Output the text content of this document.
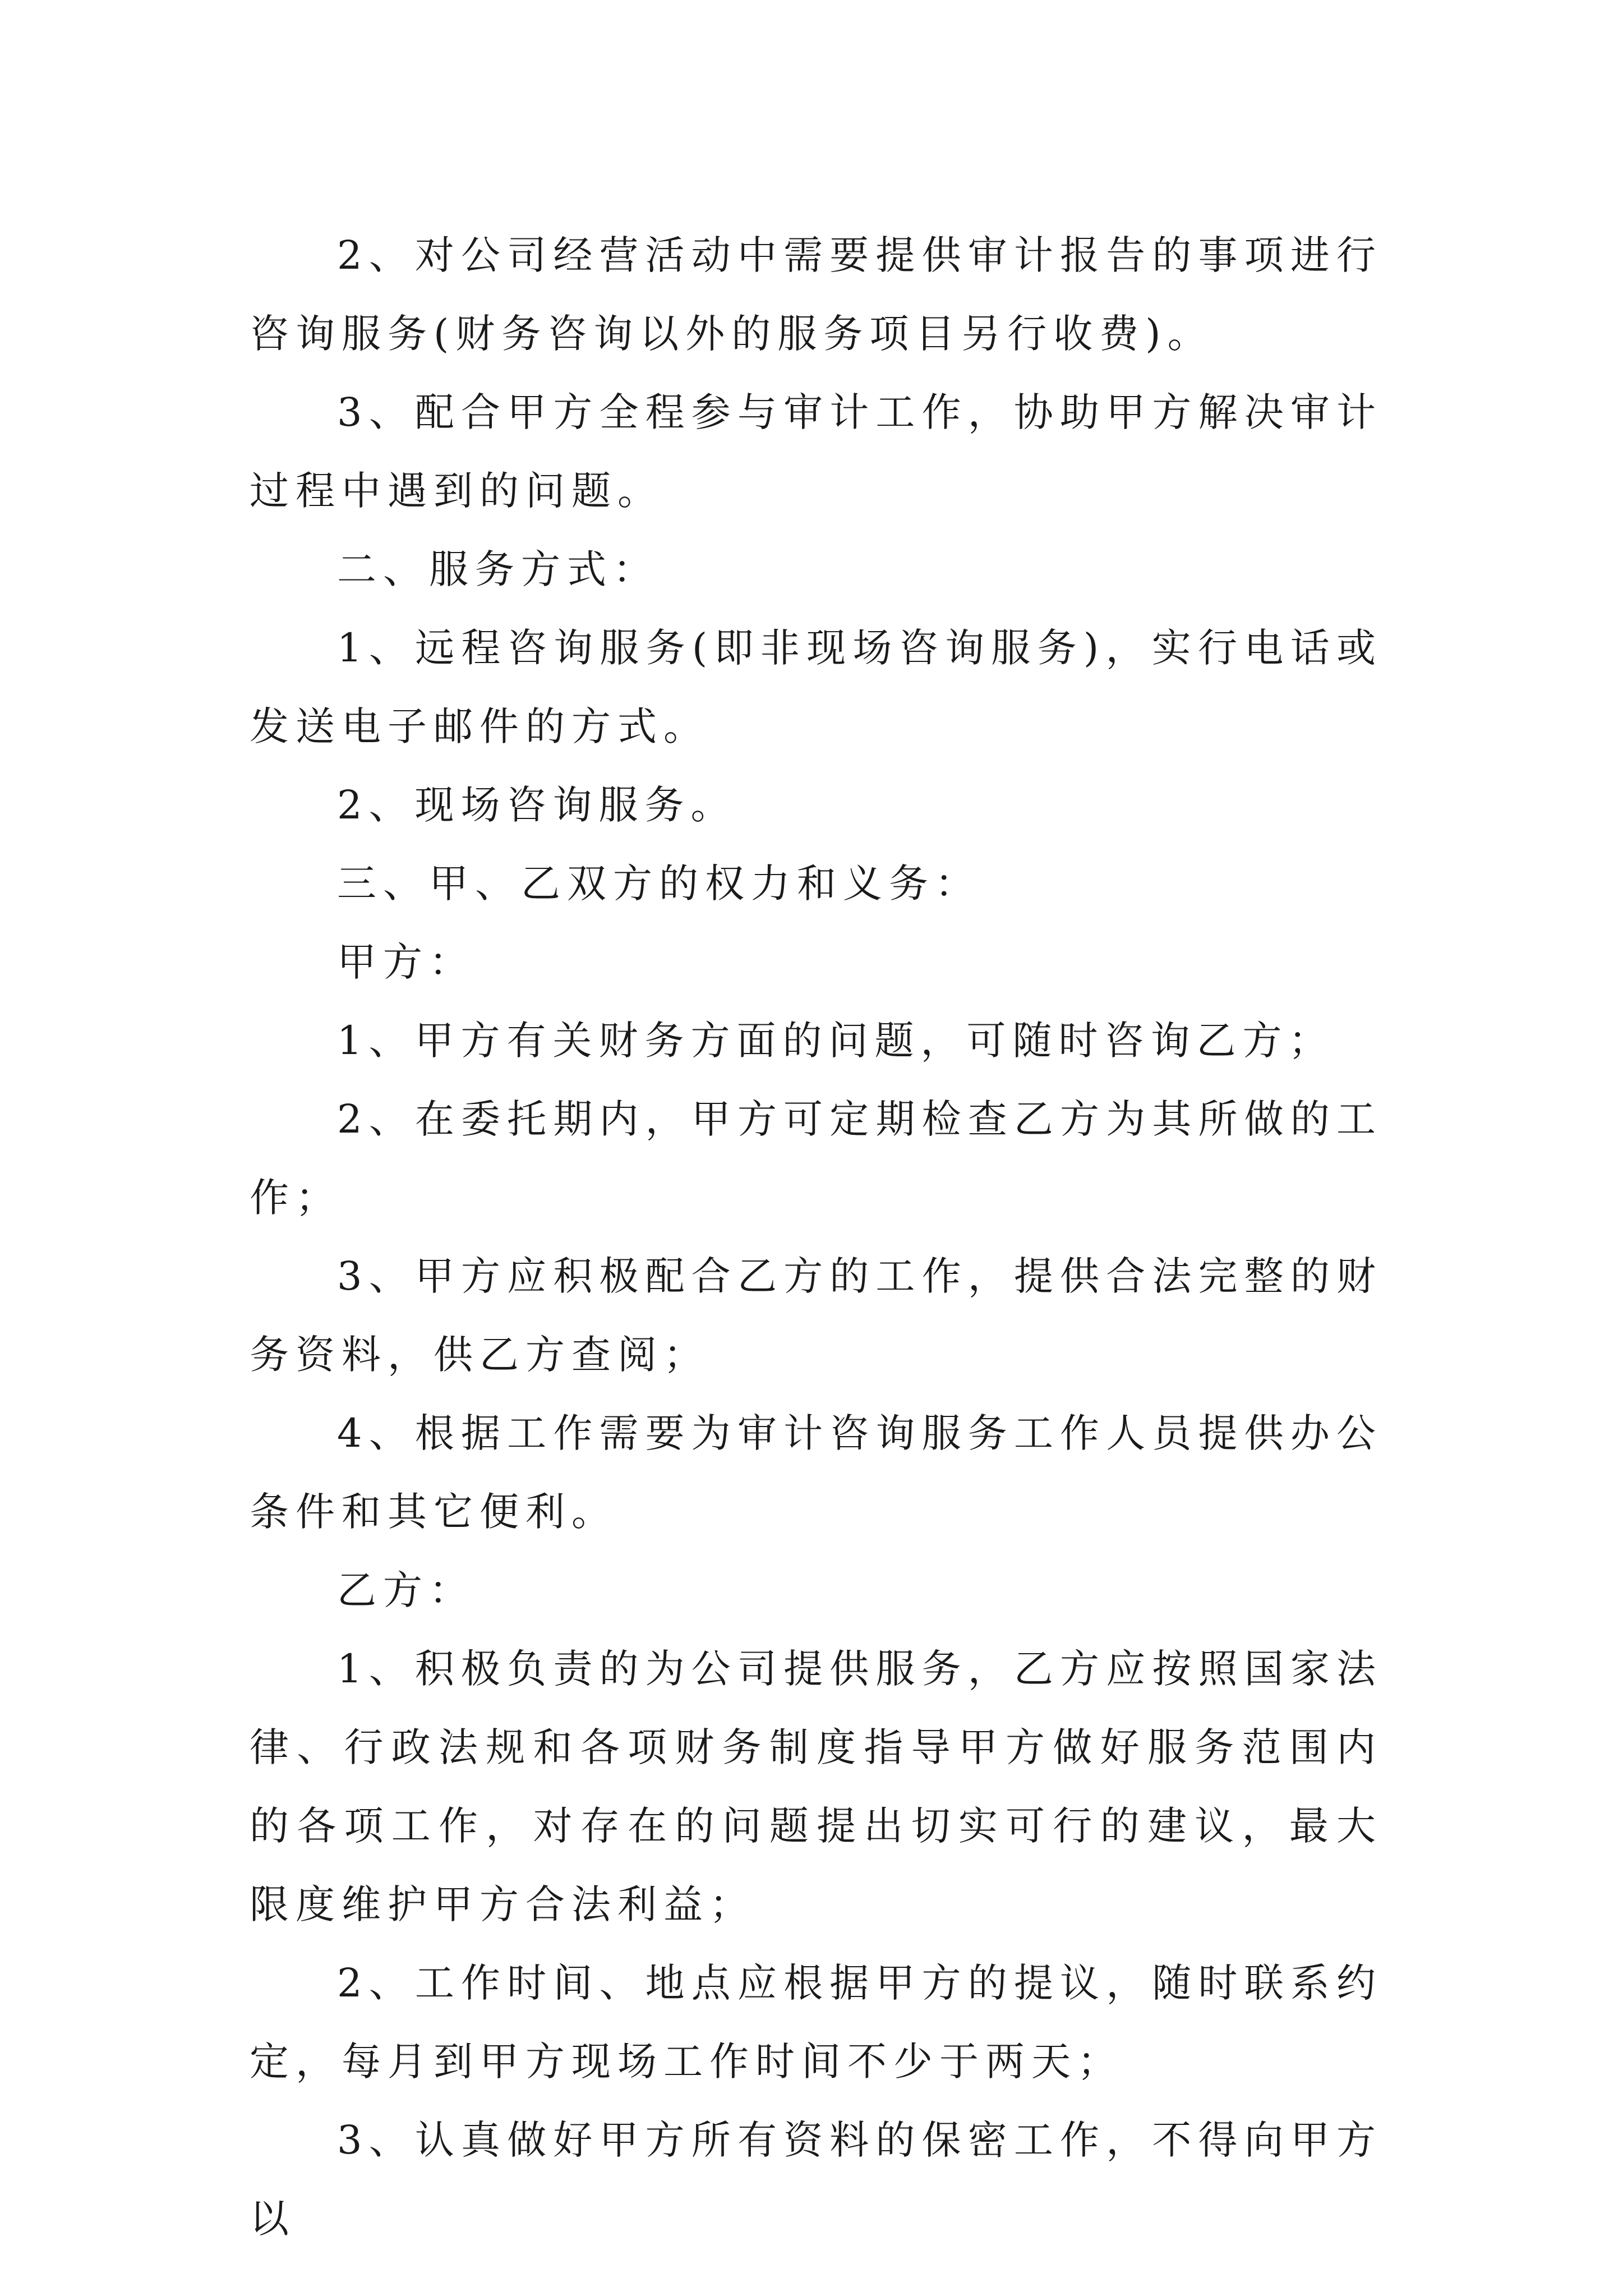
2、对公司经营活动中需要提供审计报告的事项进行咨询服务(财务咨询以外的服务项目另行收费)。

3、配合甲方全程参与审计工作，协助甲方解决审计过程中遇到的问题。

二、服务方式：

1、远程咨询服务(即非现场咨询服务)，实行电话或发送电子邮件的方式。

2、现场咨询服务。

三、甲、乙双方的权力和义务：

甲方：

1、甲方有关财务方面的问题，可随时咨询乙方；

2、在委托期内，甲方可定期检查乙方为其所做的工作；

3、甲方应积极配合乙方的工作，提供合法完整的财务资料，供乙方查阅；

4、根据工作需要为审计咨询服务工作人员提供办公条件和其它便利。

乙方：

1、积极负责的为公司提供服务，乙方应按照国家法律、行政法规和各项财务制度指导甲方做好服务范围内的各项工作，对存在的问题提出切实可行的建议，最大限度维护甲方合法利益；

2、工作时间、地点应根据甲方的提议，随时联系约定，每月到甲方现场工作时间不少于两天；

3、认真做好甲方所有资料的保密工作，不得向甲方以
